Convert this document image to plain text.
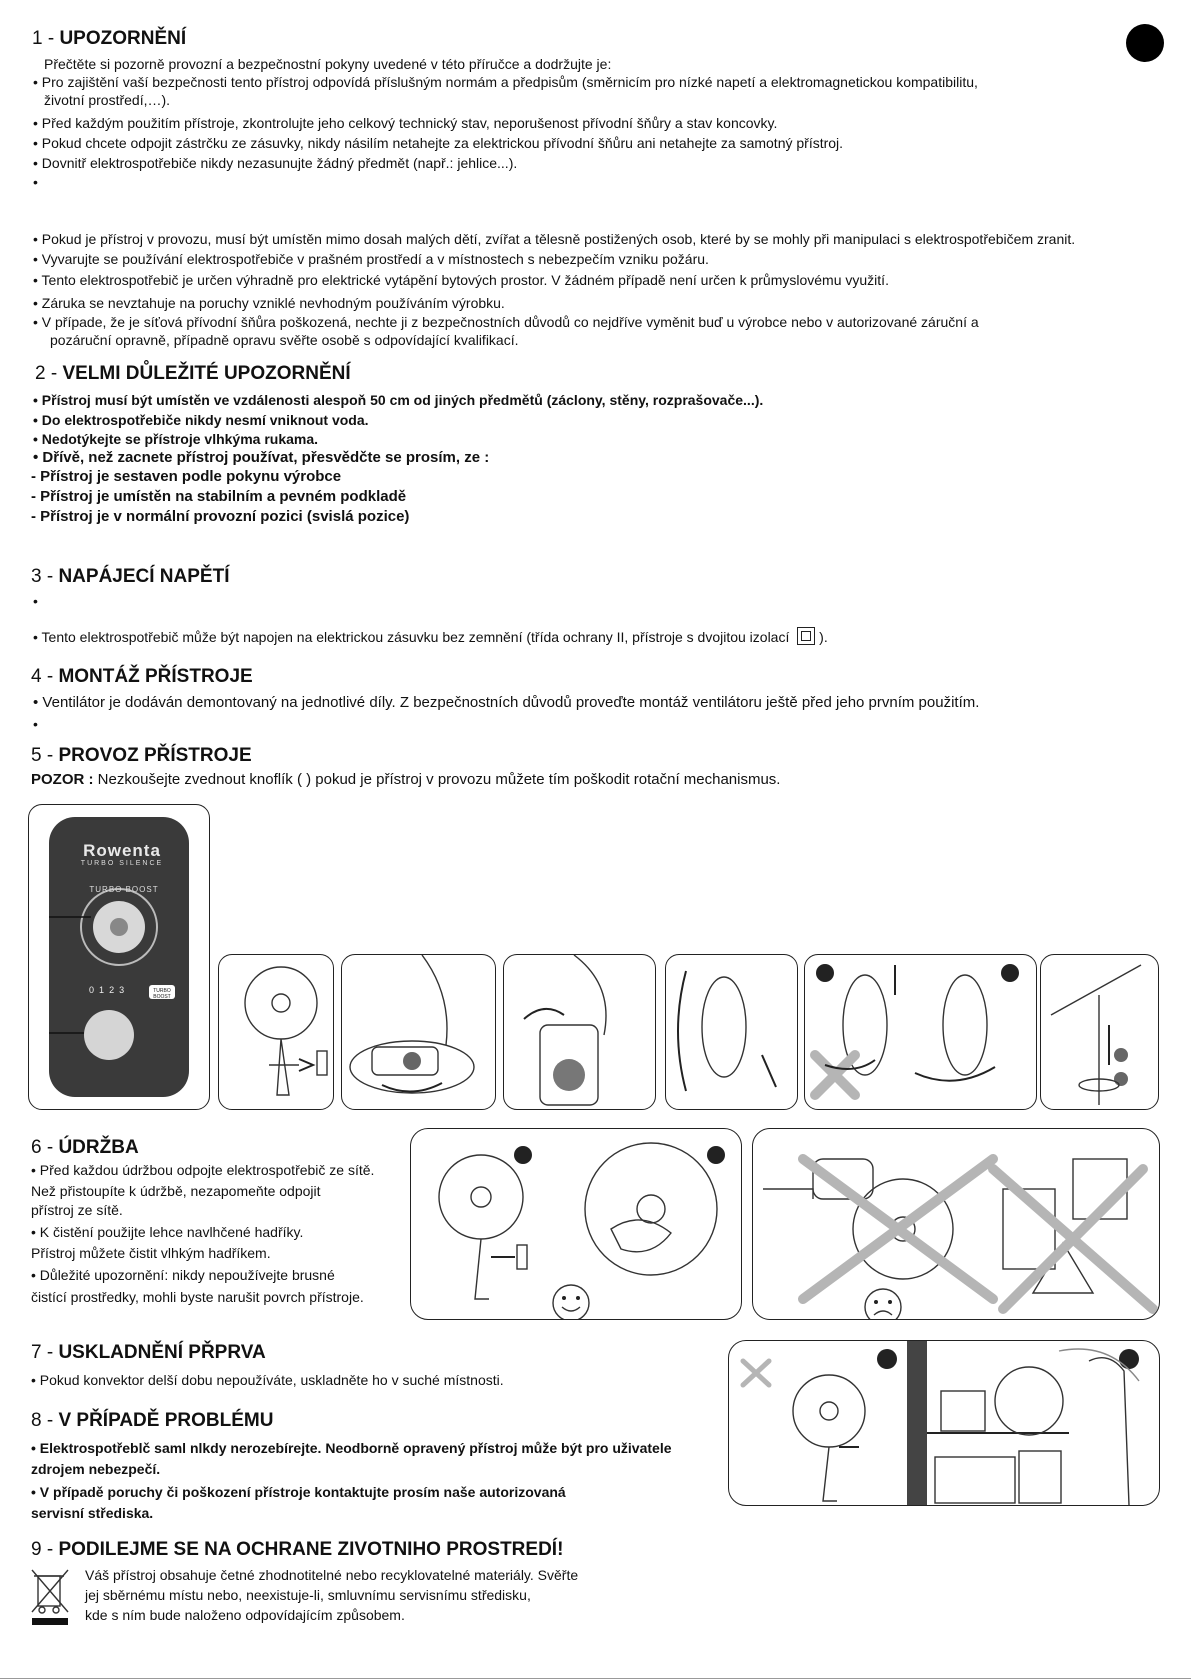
1 - UPOZORNĚNÍ
Přečtěte si pozorně provozní a bezpečnostní pokyny uvedené v této příručce a dodržujte je:
• Pro zajištění vaší bezpečnosti tento přístroj odpovídá příslušným normám a předpisům (směrnicím pro nízké napetí a elektromagnetickou kompatibilitu,
životní prostředí,…).
• Před každým použitím přístroje, zkontrolujte jeho celkový technický stav, neporušenost přívodní šňůry a stav koncovky.
• Pokud chcete odpojit zástrčku ze zásuvky, nikdy násilím netahejte za elektrickou přívodní šňůru ani netahejte za samotný přístroj.
• Dovnitř elektrospotřebiče nikdy nezasunujte žádný předmět (např.: jehlice...).
•
• Pokud je přístroj v provozu, musí být umístěn mimo dosah malých dětí, zvířat a tělesně postižených osob, které by se mohly při manipulaci s elektrospotřebičem zranit.
• Vyvarujte se používání elektrospotřebiče v prašném prostředí a v místnostech s nebezpečím vzniku požáru.
• Tento elektrospotřebič je určen výhradně pro elektrické vytápění bytových prostor. V žádném případě není určen k průmyslovému využití.
• Záruka se nevztahuje na poruchy vzniklé nevhodným používáním výrobku.
• V případe, že je síťová přívodní šňůra poškozená, nechte ji z bezpečnostních důvodů co nejdříve vyměnit buď u výrobce nebo v autorizované záruční a
pozáruční opravně, případně opravu svěřte osobě s odpovídající kvalifikací.
2 - VELMI DŮLEŽITÉ UPOZORNĚNÍ
• Přístroj musí být umístěn ve vzdálenosti alespoň 50 cm od jiných předmětů (záclony, stěny, rozprašovače...).
• Do elektrospotřebiče nikdy nesmí vniknout voda.
• Nedotýkejte se přístroje vlhkýma rukama.
• Dřívě, než zacnete přístroj používat, přesvědčte se prosím, ze :
- Přístroj je sestaven podle pokynu výrobce
- Přístroj je umístěn na stabilním a pevném podkladě
- Přístroj je v normální provozní pozici (svislá pozice)
3 - NAPÁJECÍ NAPĚTÍ
•
• Tento elektrospotřebič může být napojen na elektrickou zásuvku bez zemnění (třída ochrany II, přístroje s dvojitou izolací ).
4 - MONTÁŽ PŘÍSTROJE
• Ventilátor je dodáván demontovaný na jednotlivé díly. Z bezpečnostních důvodů proveďte montáž ventilátoru ještě před jeho prvním použitím.
•
5 - PROVOZ PŘÍSTROJE
POZOR : Nezkoušejte zvednout knoflík ( ) pokud je přístroj v provozu můžete tím poškodit rotační mechanismus.
Rowenta
TURBO SILENCE
TURBO BOOST
0 1 2 3	TURBO BOOST
6 - ÚDRŽBA
• Před každou údržbou odpojte elektrospotřebič ze sítě.
Než přistoupíte k údržbě, nezapomeňte odpojit
přístroj ze sítě.
• K čistění použijte lehce navlhčené hadříky.
Přístroj můžete čistit vlhkým hadříkem.
• Důležité upozornění: nikdy nepoužívejte brusné
čistící prostředky, mohli byste narušit povrch přístroje.
7 - USKLADNĚNÍ PŘPRVA
• Pokud konvektor delší dobu nepoužíváte, uskladněte ho v suché místnosti.
8 - V PŘÍPADĚ PROBLÉMU
• Elektrospotřeblč saml nlkdy nerozebírejte. Neodborně opravený přístroj může být pro uživatele
zdrojem nebezpečí.
• V případě poruchy či poškození přístroje kontaktujte prosím naše autorizovaná
servisní střediska.
9 - PODILEJME SE NA OCHRANE ZIVOTNIHO PROSTREDÍ!
Váš přístroj obsahuje četné zhodnotitelné nebo recyklovatelné materiály. Svěřte
jej sběrnému místu nebo, neexistuje-li, smluvnímu servisnímu středisku,
kde s ním bude naloženo odpovídajícím způsobem.
